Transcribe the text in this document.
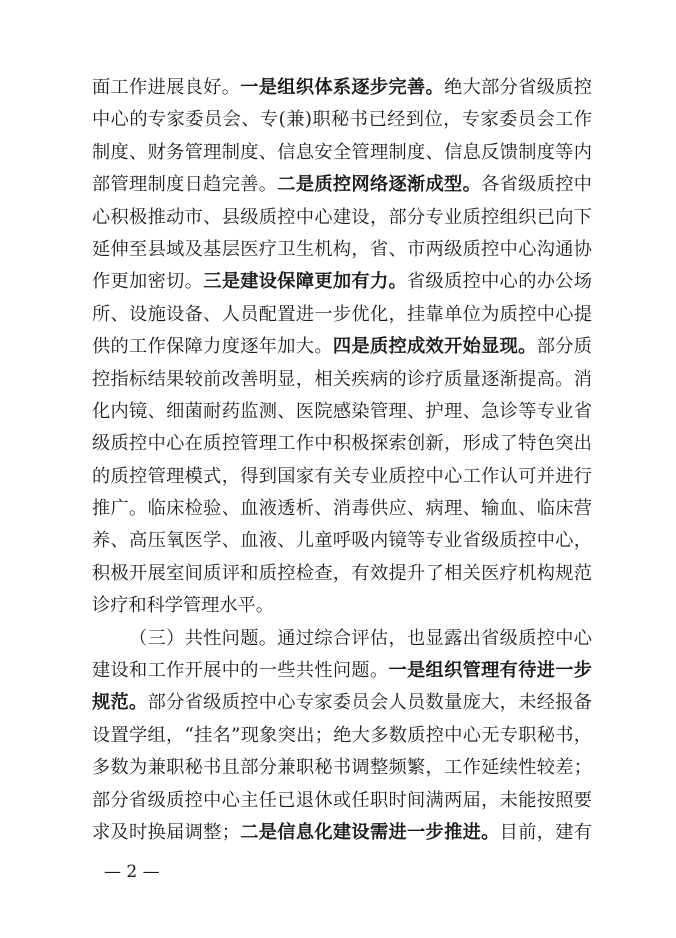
面工作进展良好。一是组织体系逐步完善。绝大部分省级质控
中心的专家委员会、专(兼)职秘书已经到位，专家委员会工作
制度、财务管理制度、信息安全管理制度、信息反馈制度等内
部管理制度日趋完善。二是质控网络逐渐成型。各省级质控中
心积极推动市、县级质控中心建设，部分专业质控组织已向下
延伸至县域及基层医疗卫生机构，省、市两级质控中心沟通协
作更加密切。三是建设保障更加有力。省级质控中心的办公场
所、设施设备、人员配置进一步优化，挂靠单位为质控中心提
供的工作保障力度逐年加大。四是质控成效开始显现。部分质
控指标结果较前改善明显，相关疾病的诊疗质量逐渐提高。消
化内镜、细菌耐药监测、医院感染管理、护理、急诊等专业省
级质控中心在质控管理工作中积极探索创新，形成了特色突出
的质控管理模式，得到国家有关专业质控中心工作认可并进行
推广。临床检验、血液透析、消毒供应、病理、输血、临床营
养、高压氧医学、血液、儿童呼吸内镜等专业省级质控中心，
积极开展室间质评和质控检查，有效提升了相关医疗机构规范
诊疗和科学管理水平。
（三）共性问题。通过综合评估，也显露出省级质控中心
建设和工作开展中的一些共性问题。一是组织管理有待进一步
规范。部分省级质控中心专家委员会人员数量庞大，未经报备
设置学组，“挂名”现象突出；绝大多数质控中心无专职秘书，
多数为兼职秘书且部分兼职秘书调整频繁，工作延续性较差；
部分省级质控中心主任已退休或任职时间满两届，未能按照要
求及时换届调整；二是信息化建设需进一步推进。目前，建有
— 2 —
